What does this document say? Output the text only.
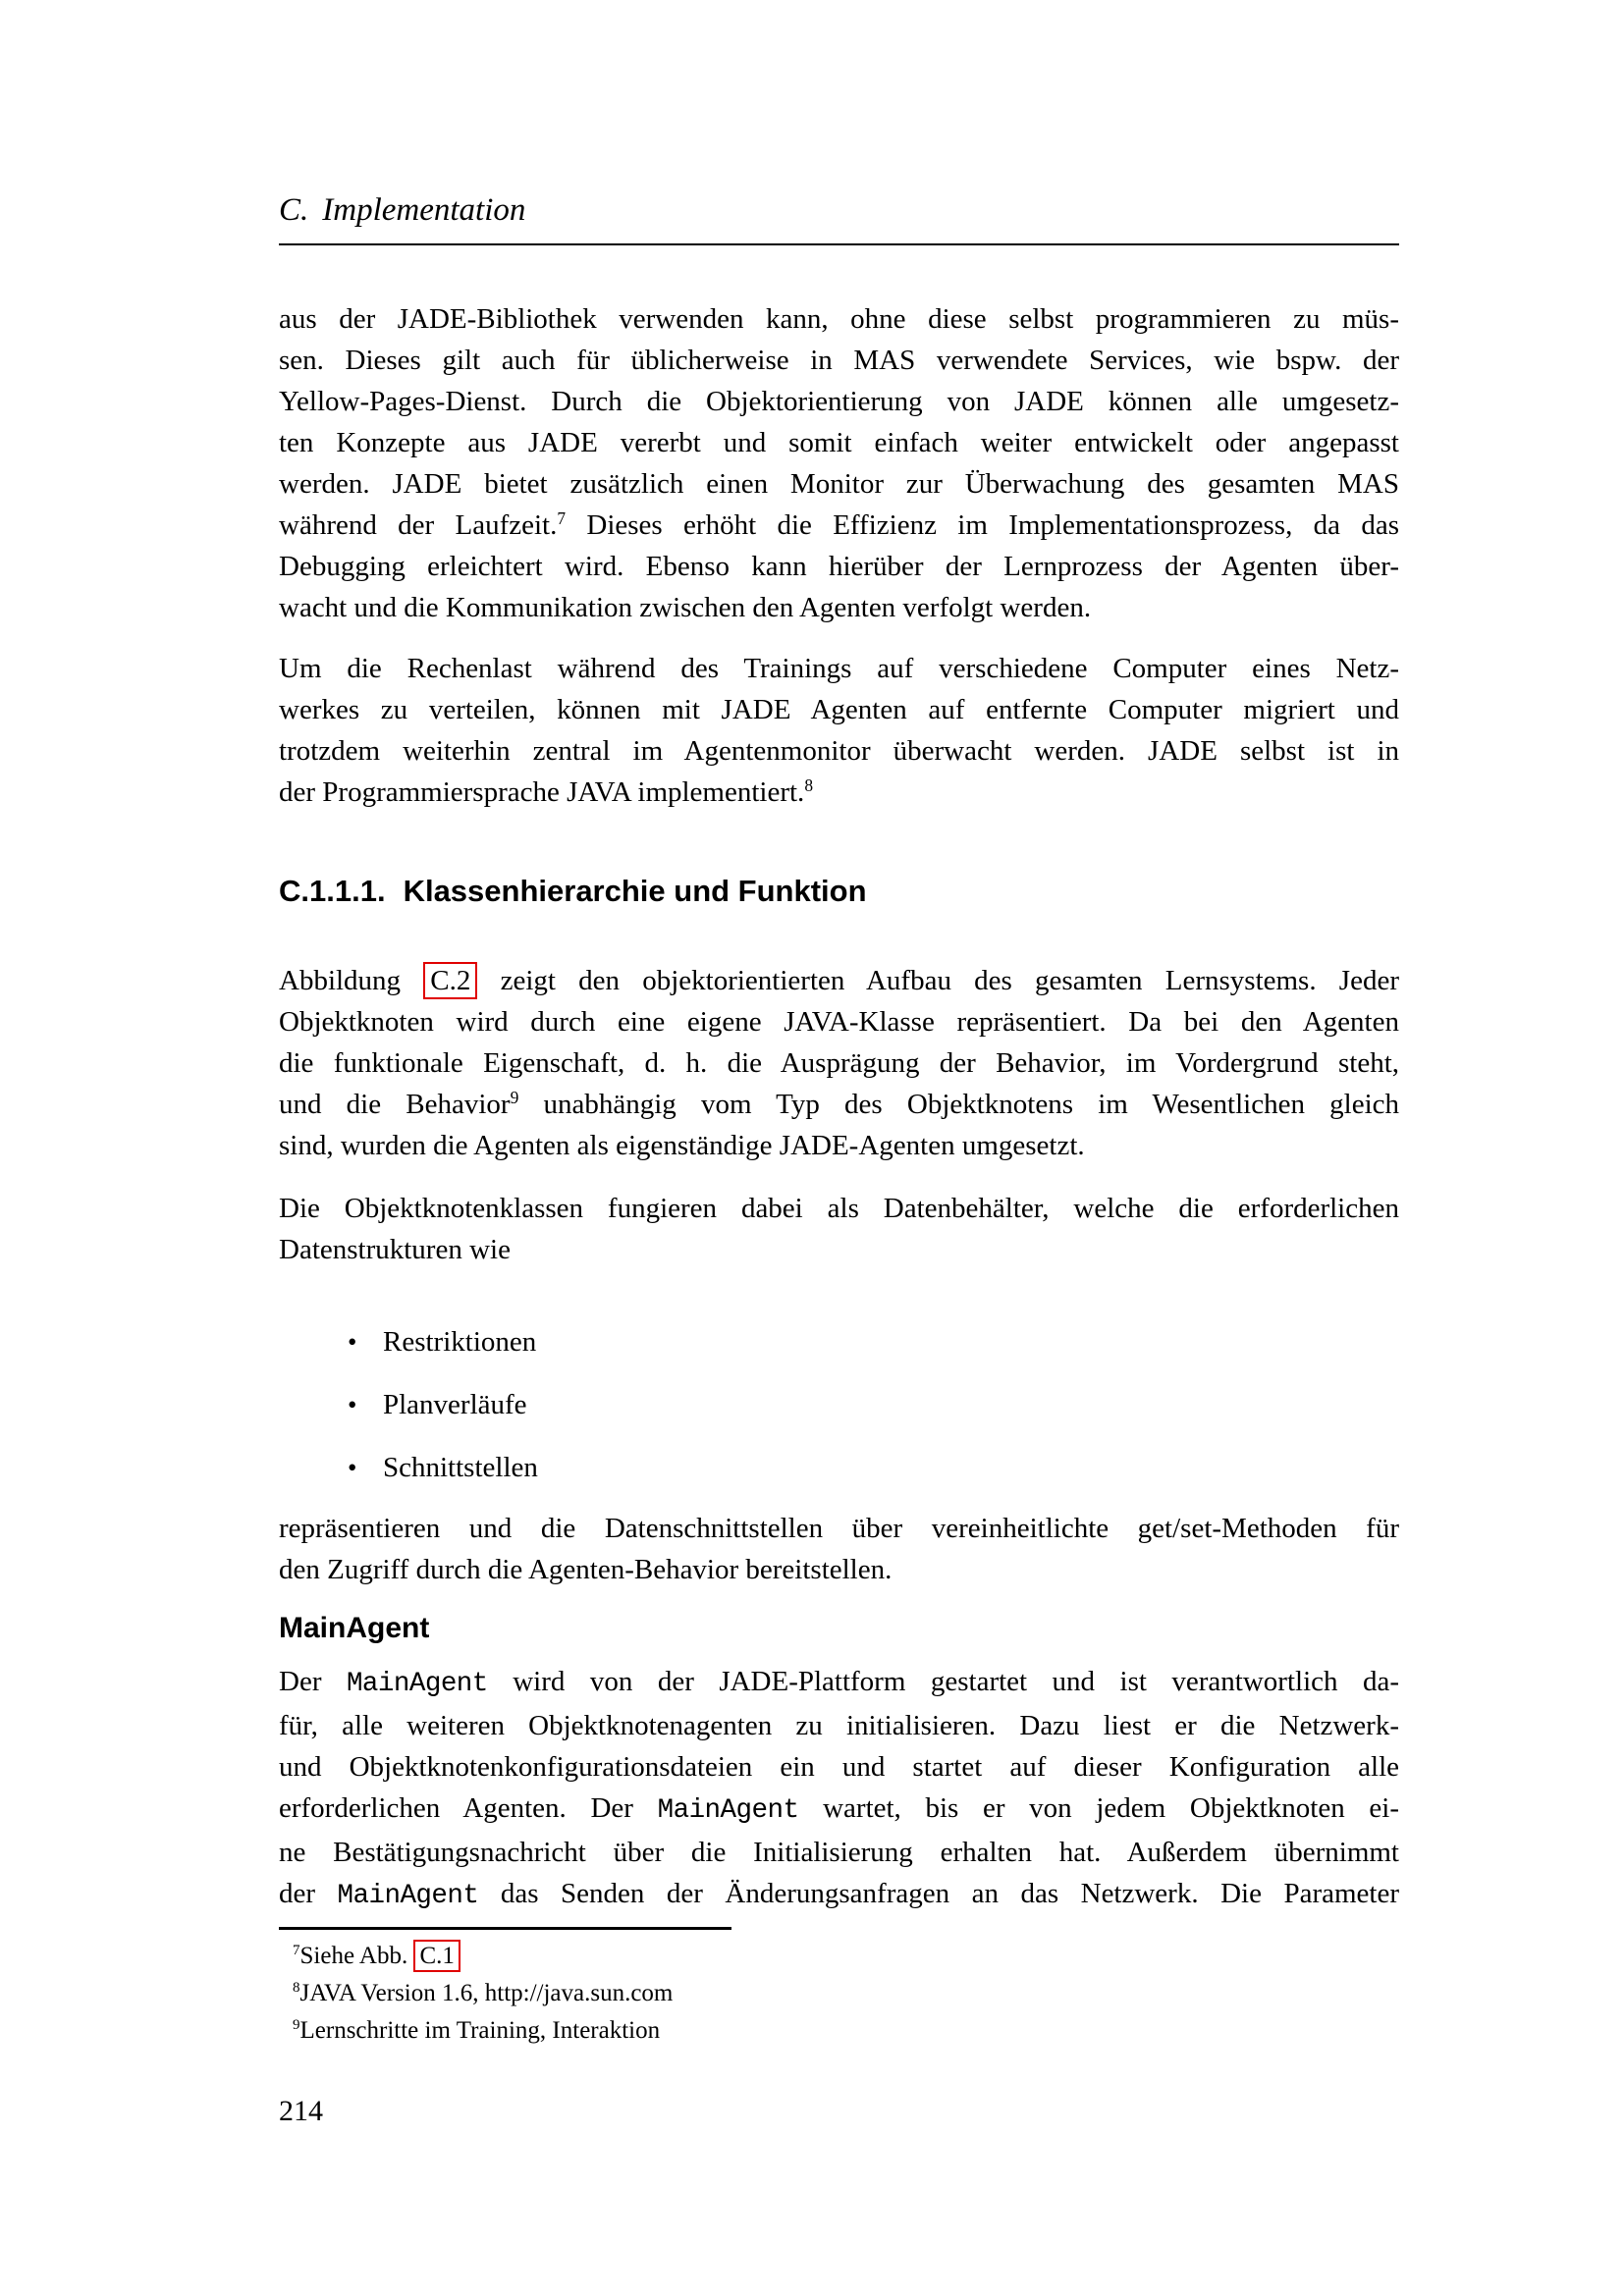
C. Implementation
aus der JADE-Bibliothek verwenden kann, ohne diese selbst programmieren zu müs-
sen. Dieses gilt auch für üblicherweise in MAS verwendete Services, wie bspw. der
Yellow-Pages-Dienst. Durch die Objektorientierung von JADE können alle umgesetz-
ten Konzepte aus JADE vererbt und somit einfach weiter entwickelt oder angepasst
werden. JADE bietet zusätzlich einen Monitor zur Überwachung des gesamten MAS
während der Laufzeit.$^7$ Dieses erhöht die Effizienz im Implementationsprozess, da das
Debugging erleichtert wird. Ebenso kann hierüber der Lernprozess der Agenten über-
wacht und die Kommunikation zwischen den Agenten verfolgt werden.
Um die Rechenlast während des Trainings auf verschiedene Computer eines Netz-
werkes zu verteilen, können mit JADE Agenten auf entfernte Computer migriert und
trotzdem weiterhin zentral im Agentenmonitor überwacht werden. JADE selbst ist in
der Programmiersprache JAVA implementiert.$^8$
C.1.1.1. Klassenhierarchie und Funktion
Abbildung C.2 zeigt den objektorientierten Aufbau des gesamten Lernsystems. Jeder
Objektknoten wird durch eine eigene JAVA-Klasse repräsentiert. Da bei den Agenten
die funktionale Eigenschaft, d. h. die Ausprägung der Behavior, im Vordergrund steht,
und die Behavior$^9$ unabhängig vom Typ des Objektknotens im Wesentlichen gleich
sind, wurden die Agenten als eigenständige JADE-Agenten umgesetzt.
Die Objektknotenklassen fungieren dabei als Datenbehälter, welche die erforderlichen
Datenstrukturen wie
• Restriktionen
• Planverläufe
• Schnittstellen
repräsentieren und die Datenschnittstellen über vereinheitlichte get/set-Methoden für
den Zugriff durch die Agenten-Behavior bereitstellen.
MainAgent
Der MainAgent wird von der JADE-Plattform gestartet und ist verantwortlich da-
für, alle weiteren Objektknotenagenten zu initialisieren. Dazu liest er die Netzwerk-
und Objektknotenkonfigurationsdateien ein und startet auf dieser Konfiguration alle
erforderlichen Agenten. Der MainAgent wartet, bis er von jedem Objektknoten ei-
ne Bestätigungsnachricht über die Initialisierung erhalten hat. Außerdem übernimmt
der MainAgent das Senden der Änderungsanfragen an das Netzwerk. Die Parameter
$^7$Siehe Abb. C.1
$^8$JAVA Version 1.6, http://java.sun.com
$^9$Lernschritte im Training, Interaktion
214
